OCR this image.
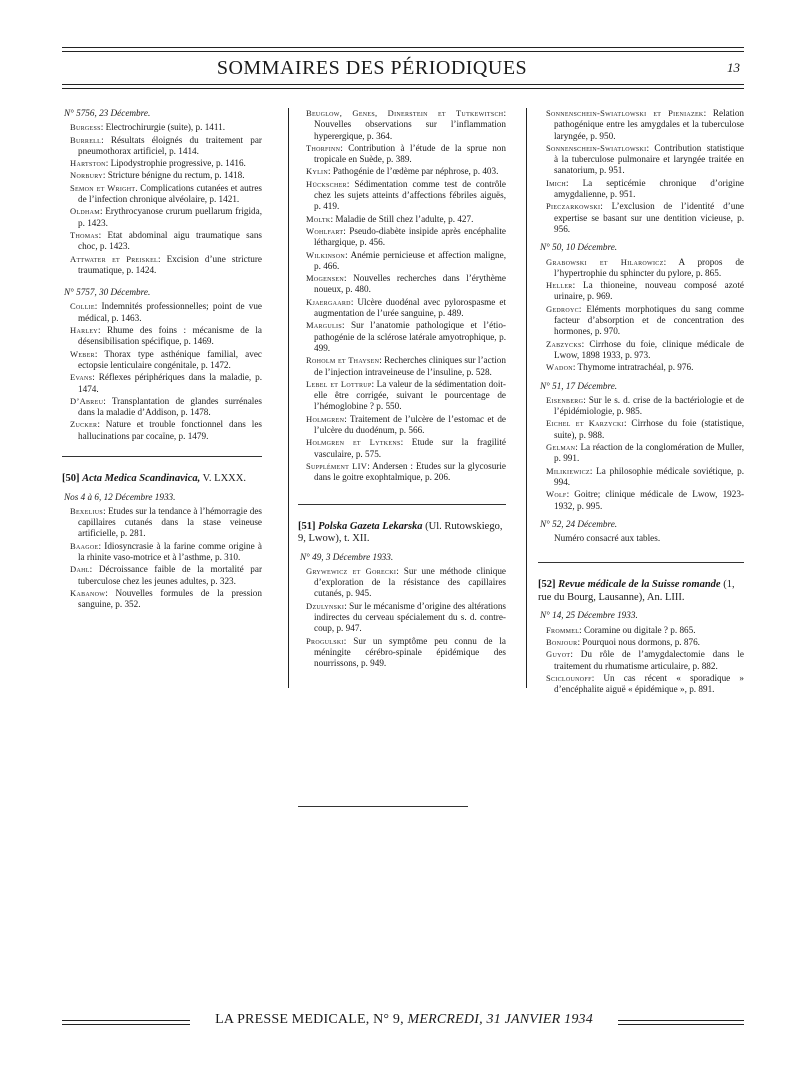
SOMMAIRES DES PÉRIODIQUES	13
N° 5756, 23 Décembre.
Burgess: Electrochirurgie (suite), p. 1411.
Burrell: Résultats éloignés du traitement par pneumothorax artificiel, p. 1414.
Hartston: Lipodystrophie progressive, p. 1416.
Norbury: Stricture bénigne du rectum, p. 1418.
Semon et Wright. Complications cutanées et autres de l’infection chronique alvéolaire, p. 1421.
Oldham: Erythrocyanose crurum puellarum frigida, p. 1423.
Thomas: Etat abdominal aigu traumatique sans choc, p. 1423.
Attwater et Preiskel: Excision d’une stricture traumatique, p. 1424.
N° 5757, 30 Décembre.
Collie: Indemnités professionnelles; point de vue médical, p. 1463.
Harley: Rhume des foins : mécanisme de la désensibilisation spécifique, p. 1469.
Weber: Thorax type asthénique familial, avec ectopsie lenticulaire congénitale, p. 1472.
Evans: Réflexes périphériques dans la maladie, p. 1474.
D’Abreu: Transplantation de glandes surrénales dans la maladie d’Addison, p. 1478.
Zucker: Nature et trouble fonctionnel dans les hallucinations par cocaïne, p. 1479.
[50] Acta Medica Scandinavica, V. LXXX.
Nos 4 à 6, 12 Décembre 1933.
Bexelius: Etudes sur la tendance à l’hémorragie des capillaires cutanés dans la stase veineuse artificielle, p. 281.
Baagoe: Idiosyncrasie à la farine comme origine à la rhinite vaso-motrice et à l’asthme, p. 310.
Dahl: Décroissance faible de la mortalité par tuberculose chez les jeunes adultes, p. 323.
Kabanow: Nouvelles formules de la pression sanguine, p. 352.
Beuglow, Genes, Dinerstein et Tutkewitsch: Nouvelles observations sur l’inflammation hyperergique, p. 364.
Thorfinn: Contribution à l’étude de la sprue non tropicale en Suède, p. 389.
Kylin: Pathogénie de l’œdème par néphrose, p. 403.
Hückscher: Sédimentation comme test de contrôle chez les sujets atteints d’affections fébriles aiguës, p. 419.
Moltk: Maladie de Still chez l’adulte, p. 427.
Wohlfart: Pseudo-diabète insipide après encéphalite léthargique, p. 456.
Wilkinson: Anémie pernicieuse et affection maligne, p. 466.
Mogensen: Nouvelles recherches dans l’érythème noueux, p. 480.
Kjaergaard: Ulcère duodénal avec pylorospasme et augmentation de l’urée sanguine, p. 489.
Margulis: Sur l’anatomie pathologique et l’étio-pathogénie de la sclérose latérale amyotrophique, p. 499.
Roholm et Thaysen: Recherches cliniques sur l’action de l’injection intraveineuse de l’insuline, p. 528.
Lebel et Lottrup: La valeur de la sédimentation doit-elle être corrigée, suivant le pourcentage de l’hémoglobine ? p. 550.
Holmgren: Traitement de l’ulcère de l’estomac et de l’ulcère du duodénum, p. 566.
Holmgren et Lytkens: Etude sur la fragilité vasculaire, p. 575.
Supplément LIV: Andersen : Etudes sur la glycosurie dans le goitre exophtalmique, p. 206.
[51] Polska Gazeta Lekarska (Ul. Rutowskiego, 9, Lwow), t. XII.
N° 49, 3 Décembre 1933.
Grywewicz et Gorecki: Sur une méthode clinique d’exploration de la résistance des capillaires cutanés, p. 945.
Dzulynski: Sur le mécanisme d’origine des altérations indirectes du cerveau spécialement du s. d. contre-coup, p. 947.
Progulski: Sur un symptôme peu connu de la méningite cérébro-spinale épidémique des nourrissons, p. 949.
Sonnenschein-Swiatlowski et Pieniazek: Relation pathogénique entre les amygdales et la tuberculose laryngée, p. 950.
Sonnenschein-Swiatlowski: Contribution statistique à la tuberculose pulmonaire et laryngée traitée en sanatorium, p. 951.
Imich: La septicémie chronique d’origine amygdalienne, p. 951.
Pieczarkowski: L’exclusion de l’identité d’une expertise se basant sur une dentition vicieuse, p. 956.
N° 50, 10 Décembre.
Grabowski et Hilarowicz: A propos de l’hypertrophie du sphincter du pylore, p. 865.
Heller: La thioneine, nouveau composé azoté urinaire, p. 969.
Gedroyc: Eléments morphotiques du sang comme facteur d’absorption et de concentration des hormones, p. 970.
Zabzycks: Cirrhose du foie, clinique médicale de Lwow, 1898 1933, p. 973.
Wadon: Thymome intratrachéal, p. 976.
N° 51, 17 Décembre.
Eisenberg: Sur le s. d. crise de la bactériologie et de l’épidémiologie, p. 985.
Eichel et Karzycki: Cirrhose du foie (statistique, suite), p. 988.
Gelman: La réaction de la conglomération de Muller, p. 991.
Milikiewicz: La philosophie médicale soviétique, p. 994.
Wolf: Goitre; clinique médicale de Lwow, 1923-1932, p. 995.
N° 52, 24 Décembre.
Numéro consacré aux tables.
[52] Revue médicale de la Suisse romande (1, rue du Bourg, Lausanne), An. LIII.
N° 14, 25 Décembre 1933.
Frommel: Coramine ou digitale ? p. 865.
Bonjour: Pourquoi nous dormons, p. 876.
Guyot: Du rôle de l’amygdalectomie dans le traitement du rhumatisme articulaire, p. 882.
Sciclounoff: Un cas récent « sporadique » d’encéphalite aiguë « épidémique », p. 891.
LA PRESSE MEDICALE, N° 9, MERCREDI, 31 JANVIER 1934
